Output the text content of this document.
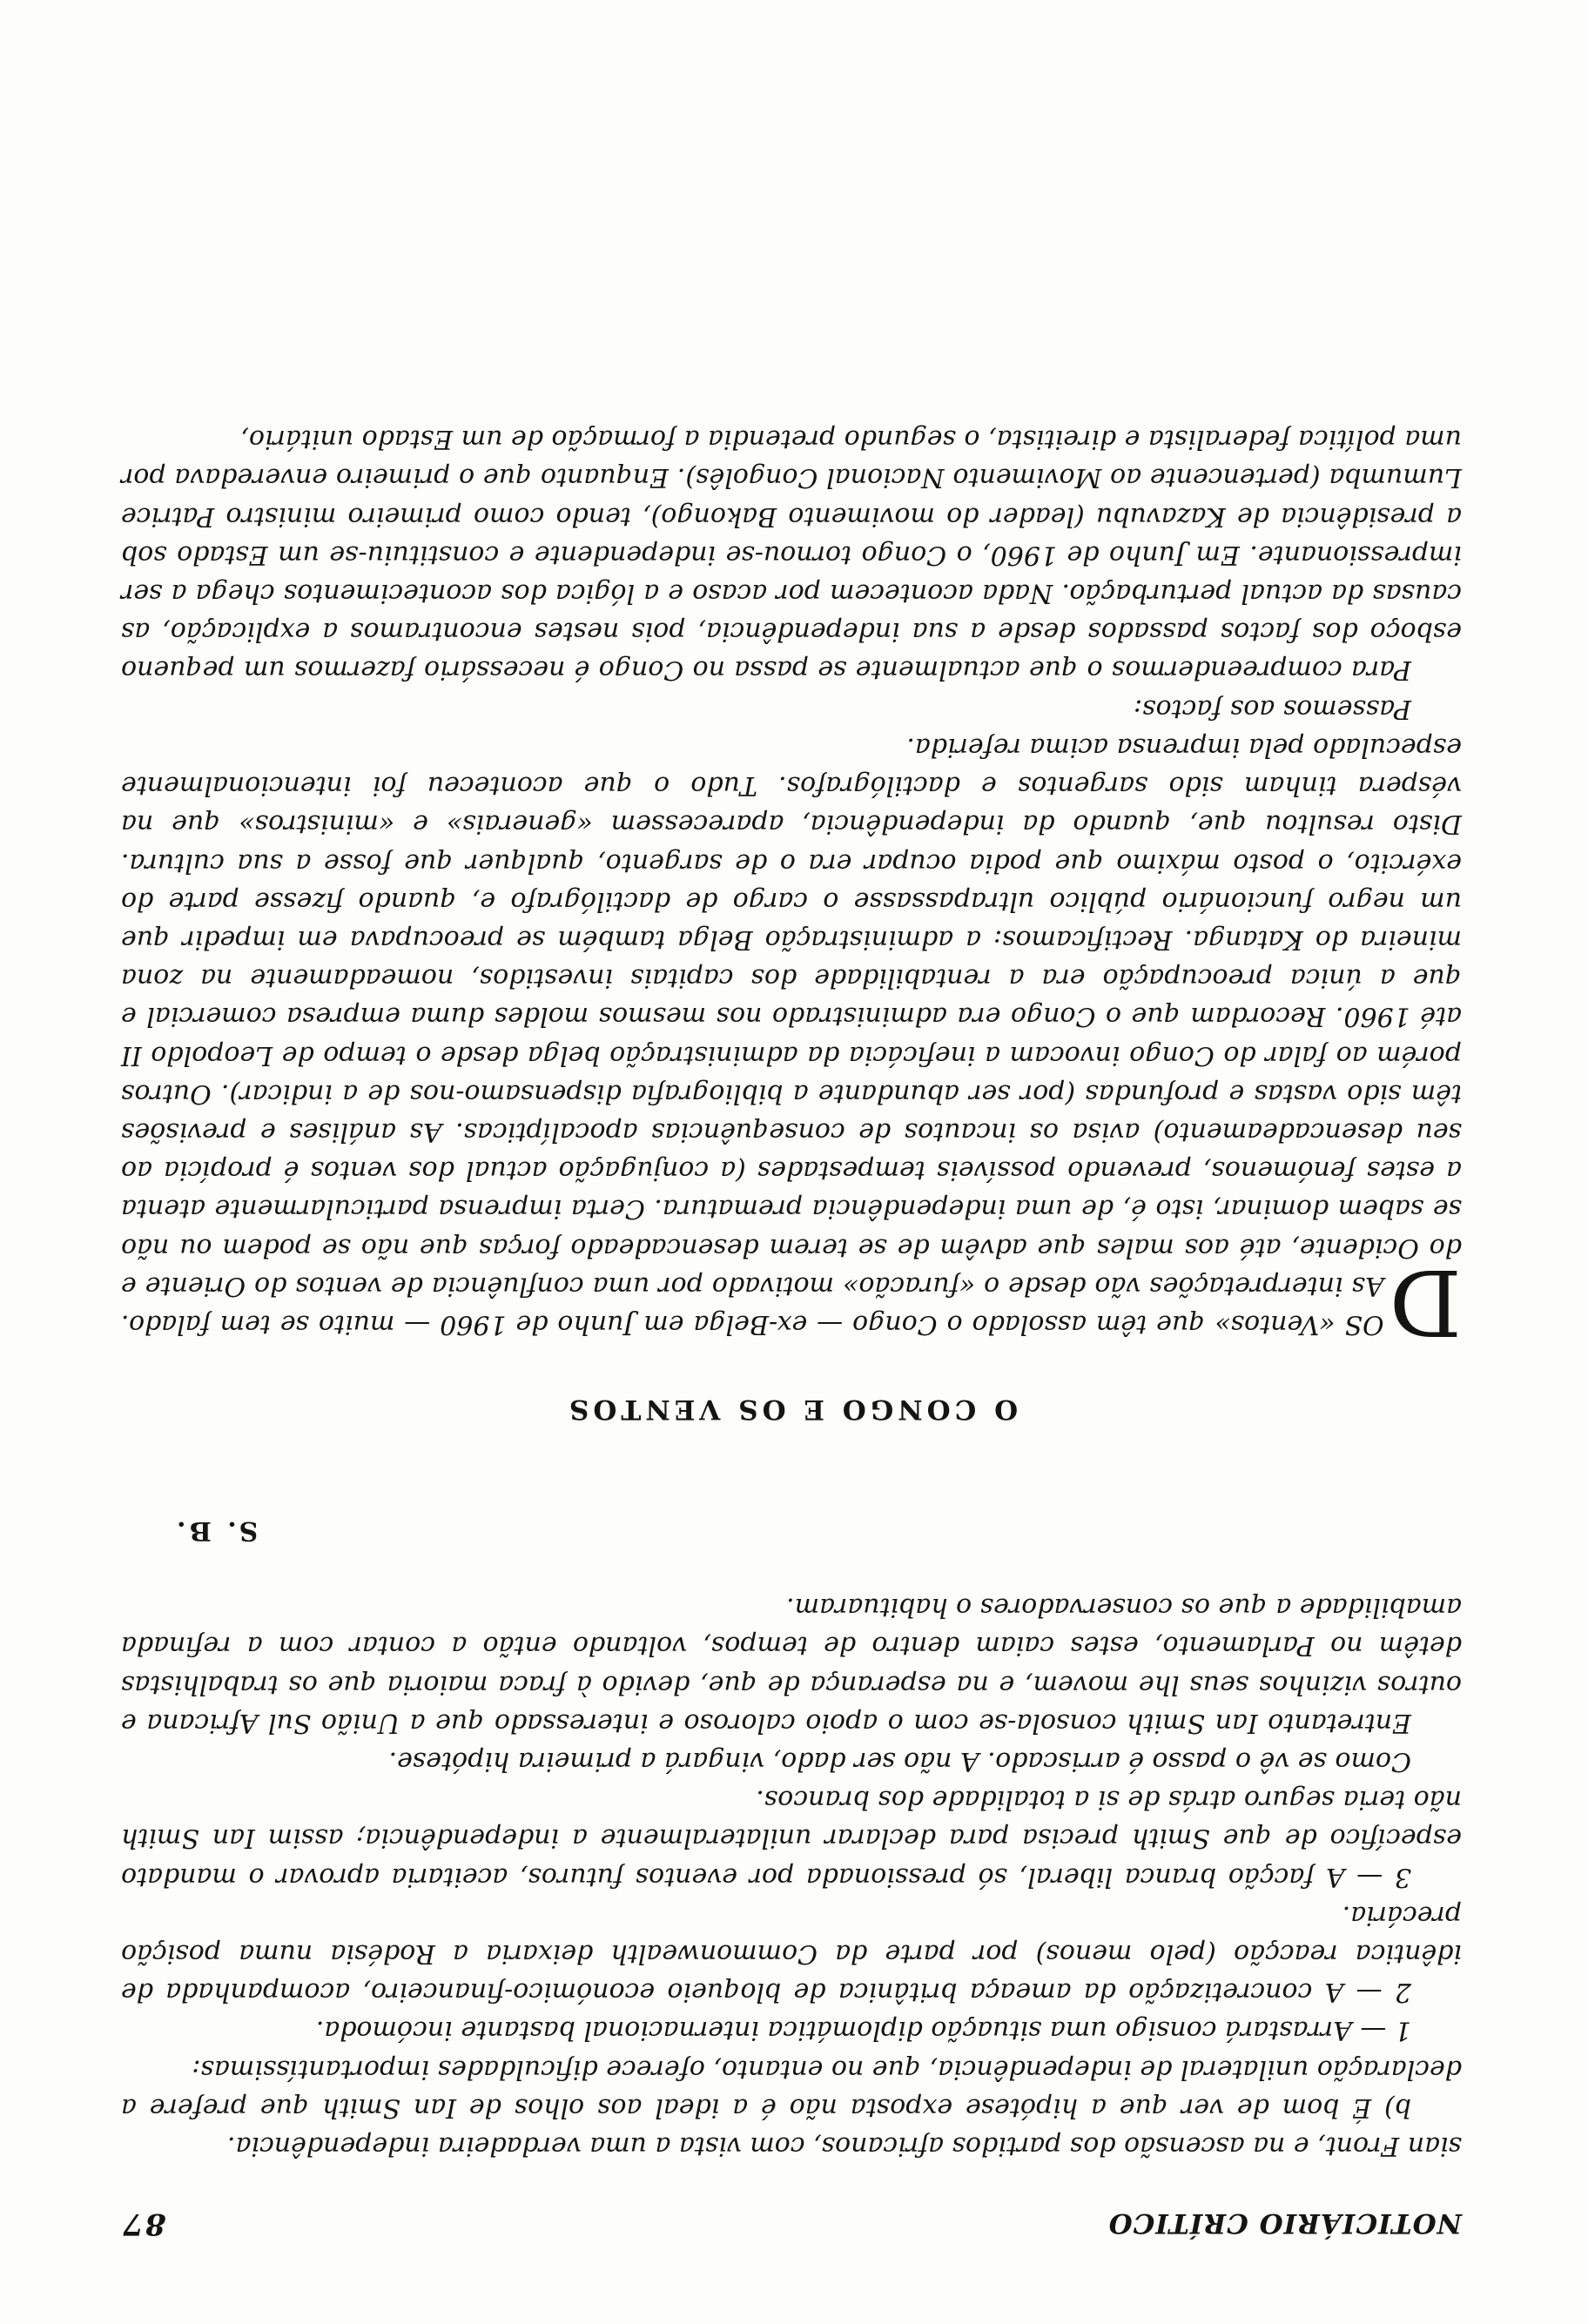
NOTICIÁRIO CRÍTICO
87

sian Front, e na ascensão dos partidos africanos, com vista a uma verdadeira independência.

b) É bom de ver que a hipótese exposta não é a ideal aos olhos de Ian Smith que prefere a declaração unilateral de independência, que no entanto, oferece dificuldades importantíssimas:

1 — Arrastará consigo uma situação diplomática internacional bastante incómoda.

2 — A concretização da ameaça britânica de bloqueio económico-financeiro, acompanhada de idêntica reacção (pelo menos) por parte da Commonwealth deixaria a Rodésia numa posição precária.

3 — A facção branca liberal, só pressionada por eventos futuros, aceitaria aprovar o mandato específico de que Smith precisa para declarar unilateralmente a independência; assim Ian Smith não teria seguro atrás de si a totalidade dos brancos.

Como se vê o passo é arriscado. A não ser dado, vingará a primeira hipótese.

Entretanto Ian Smith consola-se com o apoio caloroso e interessado que a União Sul Africana e outros vizinhos seus lhe movem, e na esperança de que, devido à fraca maioria que os trabalhistas detêm no Parlamento, estes caiam dentro de tempos, voltando então a contar com a refinada amabilidade a que os conservadores o habituaram.

S. B.
O CONGO E OS VENTOS

D
OS «Ventos» que têm assolado o Congo — ex-Belga em Junho de 1960 — muito se tem falado. As interpretações vão desde o «furacão» motivado por uma confluência de ventos do Oriente e do Ocidente, até aos males que advêm de se terem desencadeado forças que não se podem ou não se sabem dominar, isto é, de uma independência prematura. Certa imprensa particularmente atenta a estes fenómenos, prevendo possíveis tempestades (a conjugação actual dos ventos é propícia ao seu desencadeamento) avisa os incautos de consequências apocalípticas. As análises e previsões têm sido vastas e profundas (por ser abundante a bibliografia dispensamo-nos de a indicar). Outros porém ao falar do Congo invocam a ineficácia da administração belga desde o tempo de Leopoldo II até 1960. Recordam que o Congo era administrado nos mesmos moldes duma empresa comercial e que a única preocupação era a rentabilidade dos capitais investidos, nomeadamente na zona mineira do Katanga. Rectificamos: a administração Belga também se preocupava em impedir que um negro funcionário público ultrapassasse o cargo de dactilógrafo e, quando fizesse parte do exército, o posto máximo que podia ocupar era o de sargento, qualquer que fosse a sua cultura. Disto resultou que, quando da independência, aparecessem «generais» e «ministros» que na véspera tinham sido sargentos e dactilógrafos. Tudo o que aconteceu foi intencionalmente especulado pela imprensa acima referida.

Passemos aos factos:

Para compreendermos o que actualmente se passa no Congo é necessário fazermos um pequeno esboço dos factos passados desde a sua independência, pois nestes encontramos a explicação, as causas da actual perturbação. Nada acontecem por acaso e a lógica dos acontecimentos chega a ser impressionante. Em Junho de 1960, o Congo tornou-se independente e constituiu-se um Estado sob a presidência de Kazavubu (leader do movimento Bakongo), tendo como primeiro ministro Patrice Lumumba (pertencente ao Movimento Nacional Congolês). Enquanto que o primeiro enveredava por uma política federalista e direitista, o segundo pretendia a formação de um Estado unitário,
